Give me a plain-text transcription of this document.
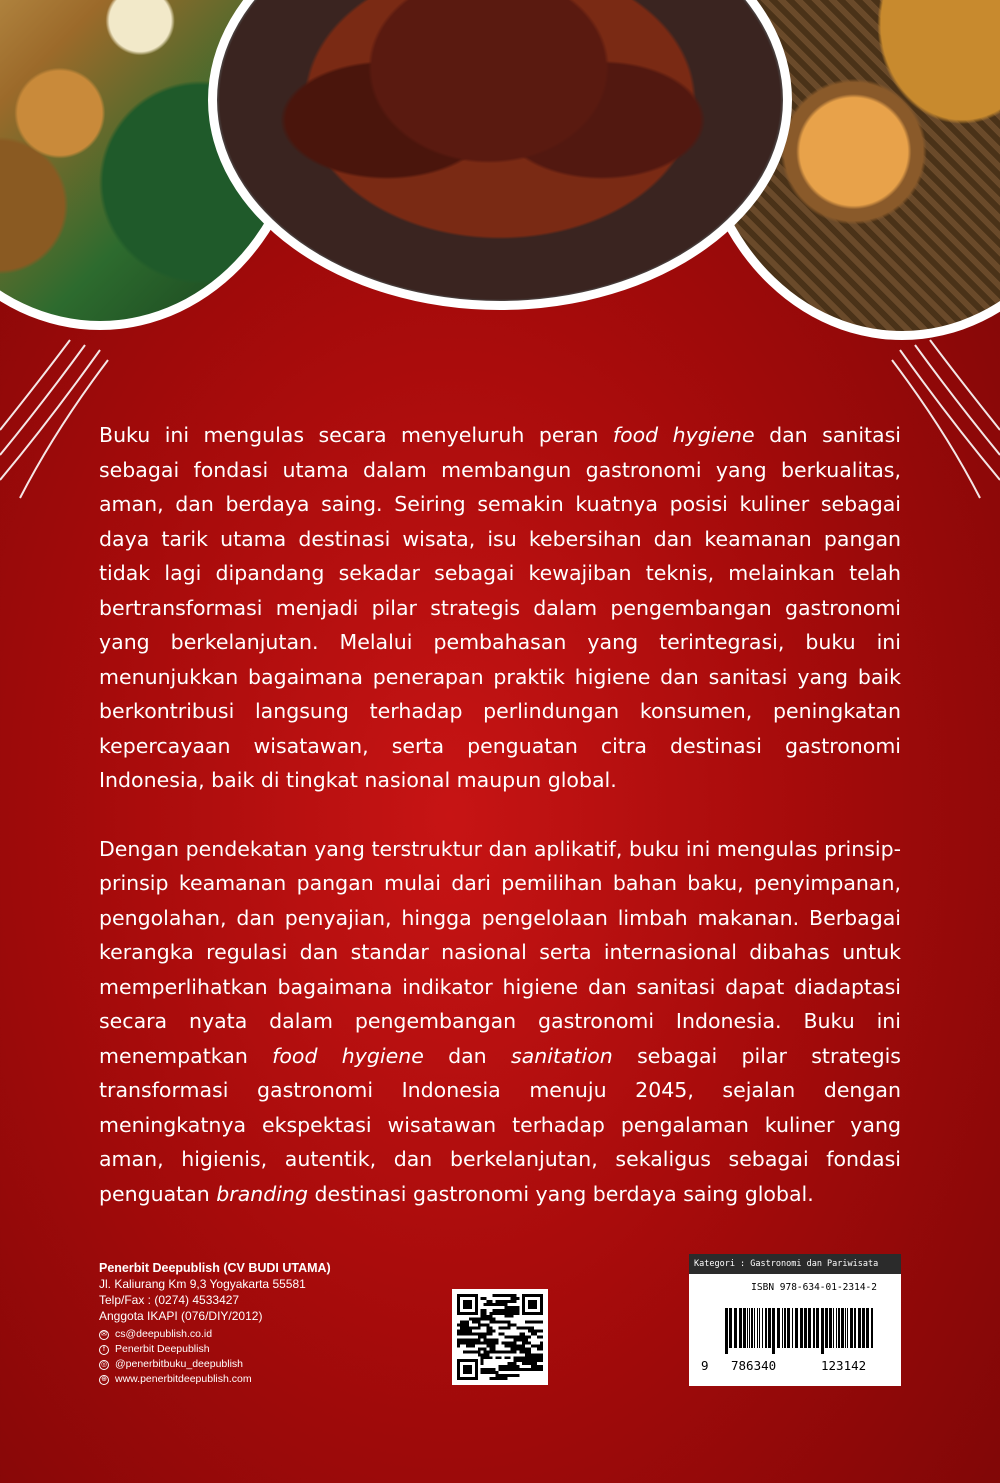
Buku ini mengulas secara menyeluruh peran food hygiene dan sanitasi sebagai fondasi utama dalam membangun gastronomi yang berkualitas, aman, dan berdaya saing. Seiring semakin kuatnya posisi kuliner sebagai daya tarik utama destinasi wisata, isu kebersihan dan keamanan pangan tidak lagi dipandang sekadar sebagai kewajiban teknis, melainkan telah bertransformasi menjadi pilar strategis dalam pengembangan gastronomi yang berkelanjutan. Melalui pembahasan yang terintegrasi, buku ini menunjukkan bagaimana penerapan praktik higiene dan sanitasi yang baik berkontribusi langsung terhadap perlindungan konsumen, peningkatan kepercayaan wisatawan, serta penguatan citra destinasi gastronomi Indonesia, baik di tingkat nasional maupun global.

Dengan pendekatan yang terstruktur dan aplikatif, buku ini mengulas prinsip-prinsip keamanan pangan mulai dari pemilihan bahan baku, penyimpanan, pengolahan, dan penyajian, hingga pengelolaan limbah makanan. Berbagai kerangka regulasi dan standar nasional serta internasional dibahas untuk memperlihatkan bagaimana indikator higiene dan sanitasi dapat diadaptasi secara nyata dalam pengembangan gastronomi Indonesia. Buku ini menempatkan food hygiene dan sanitation sebagai pilar strategis transformasi gastronomi Indonesia menuju 2045, sejalan dengan meningkatnya ekspektasi wisatawan terhadap pengalaman kuliner yang aman, higienis, autentik, dan berkelanjutan, sekaligus sebagai fondasi penguatan branding destinasi gastronomi yang berdaya saing global.

Penerbit Deepublish (CV BUDI UTAMA)
Jl. Kaliurang Km 9,3 Yogyakarta 55581
Telp/Fax : (0274) 4533427
Anggota IKAPI (076/DIY/2012)
✉ cs@deepublish.co.id
f Penerbit Deepublish
◎ @penerbitbuku_deepublish
⊕ www.penerbitdeepublish.com
Kategori : Gastronomi dan Pariwisata
ISBN 978-634-01-2314-2
9	786340	123142
